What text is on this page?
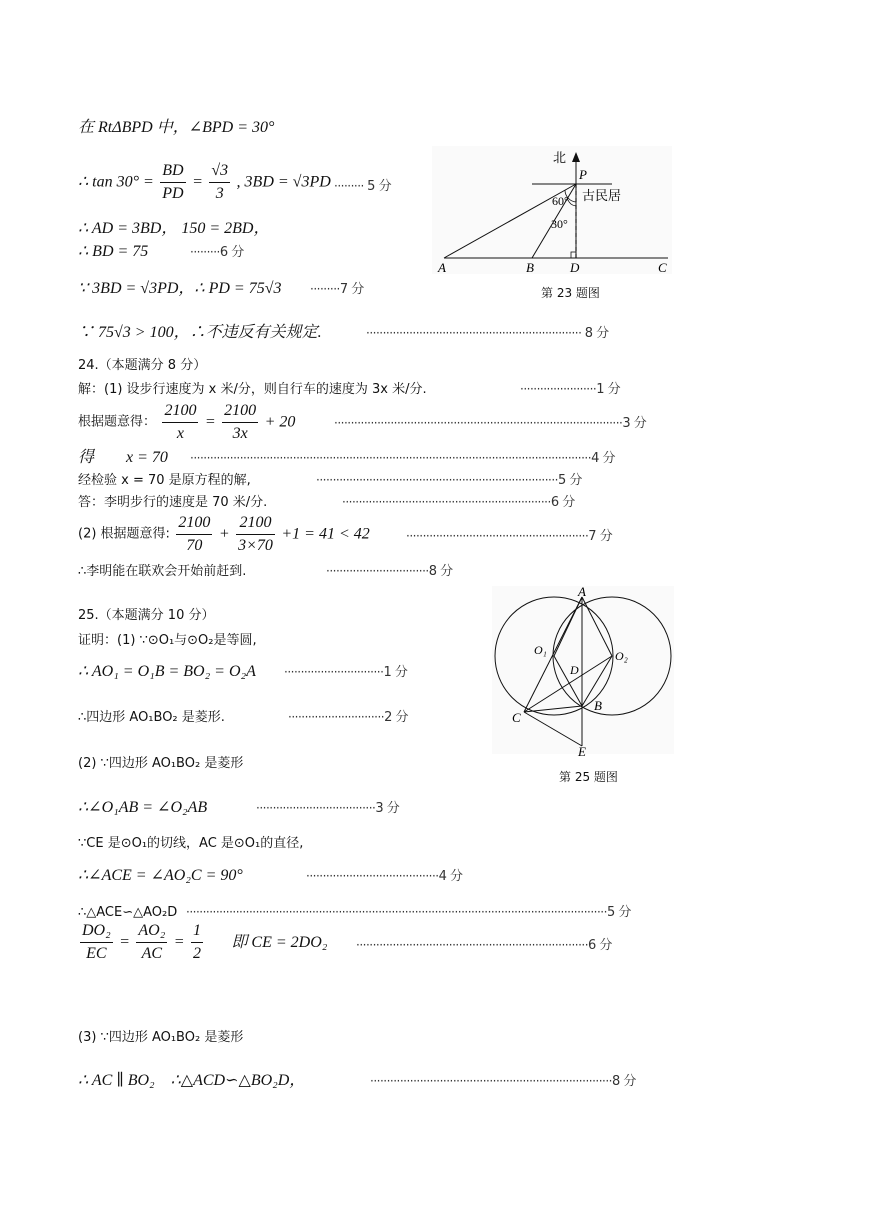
在 RtΔBPD 中，∠BPD = 30°
∴ $\tan 30^\circ = \frac{BD}{PD} = \frac{√3}{3}$ , 3BD = √3PD ········· 5 分
∴ AD = 3BD， 150 = 2BD，
∴ BD = 75	·········6 分
∵ 3BD = √3PD，∴ PD = 75√3 ·········7 分
∵ 75√3 > 100，∴不违反有关规定.	································································· 8 分
北
P
古民居
60°
30°
A	B	D	C
第 23 题图
24.（本题满分 8 分）
解：(1) 设步行速度为 x 米/分，则自行车的速度为 3x 米/分.	·······················1 分
根据题意得： $\frac{2100}{x} = \frac{2100}{3x} + 20$	·······················································································3 分
得　　x = 70 ·························································································································4 分
经检验 x = 70 是原方程的解,	·········································································5 分
答：李明步行的速度是 70 米/分.	·······························································6 分
(2) 根据题意得: $\frac{2100}{70} + \frac{2100}{3\times 70} +1 = 41 < 42$	·······················································7 分
∴李明能在联欢会开始前赶到.	·······························8 分
25.（本题满分 10 分）
证明：(1) ∵⊙O₁与⊙O₂是等圆,
∴ AO₁ = O₁B = BO₂ = O₂A ······························1 分
∴四边形 AO₁BO₂ 是菱形.	·····························2 分
(2) ∵四边形 AO₁BO₂ 是菱形
∴∠O₁AB = ∠O₂AB	····································3 分
∵CE 是⊙O₁的切线，AC 是⊙O₁的直径,
∴∠ACE = ∠AO₂C = 90°	········································4 分
∴△ACE∽△AO₂D ·······························································································································5 分
$\frac{\text{DO₂}}{EC} = \frac{\text{AO₂}}{AC} = \frac{1}{2}$ 即 CE = 2DO₂ ······································································6 分
(3) ∵四边形 AO₁BO₂ 是菱形
∴ AC ∥ BO₂　∴△ACD∽△BO₂D，	·········································································8 分
A
O₁	O₂
D
C
B
E
第 25 题图
